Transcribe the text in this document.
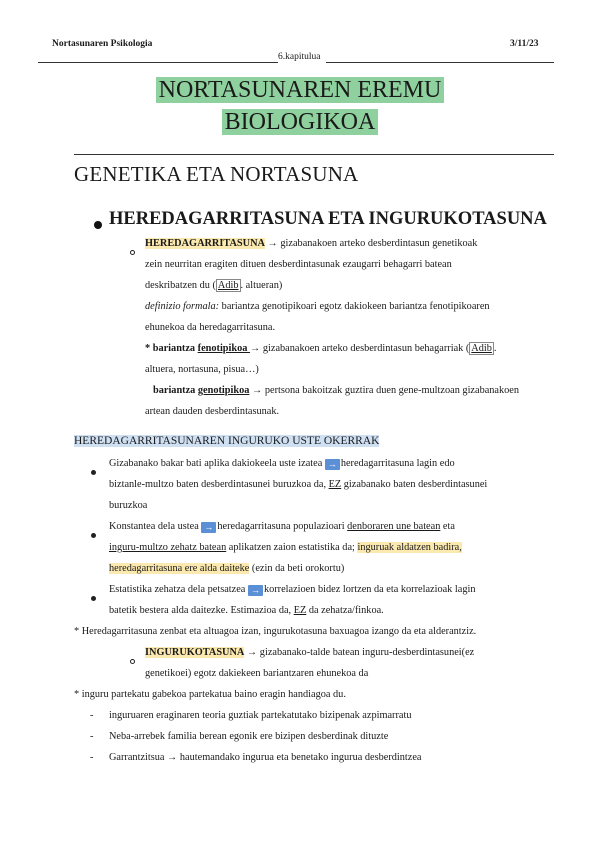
Nortasunaren Psikologia	3/11/23
6.kapitulua
NORTASUNAREN EREMU
BIOLOGIKOA
GENETIKA ETA NORTASUNA
HEREDAGARRITASUNA ETA INGURUKOTASUNA
HEREDAGARRITASUNA → gizabanakoen arteko desberdintasun genetikoak
zein neurritan eragiten dituen desberdintasunak ezaugarri behagarri batean
deskribatzen du ( Adib . altueran)
definizio formala: bariantza genotipikoari egotz dakiokeen bariantza fenotipikoaren
ehunekoa da heredagarritasuna.
* bariantza fenotipikoa → gizabanakoen arteko desberdintasun behagarriak ( Adib .
altuera, nortasuna, pisua…)
bariantza genotipikoa → pertsona bakoitzak guztira duen gene-multzoan gizabanakoen
artean dauden desberdintasunak.
HEREDAGARRITASUNAREN INGURUKO USTE OKERRAK
Gizabanako bakar bati aplika dakiokeela uste izatea → heredagarritasuna lagin edo
biztanle-multzo baten desberdintasunei buruzkoa da, EZ gizabanako baten desberdintasunei
buruzkoa
Konstantea dela ustea → heredagarritasuna populazioari denboraren une batean eta
inguru-multzo zehatz batean aplikatzen zaion estatistika da; inguruak aldatzen badira,
heredagarritasuna ere alda daiteke (ezin da beti orokortu)
Estatistika zehatza dela petsatzea → korrelazioen bidez lortzen da eta korrelazioak lagin
batetik bestera alda daitezke. Estimazioa da, EZ da zehatza/finkoa.
* Heredagarritasuna zenbat eta altuagoa izan, ingurukotasuna baxuagoa izango da eta alderantziz.
INGURUKOTASUNA → gizabanako-talde batean inguru-desberdintasunei(ez
genetikoei) egotz dakiekeen bariantzaren ehunekoa da
* inguru partekatu gabekoa partekatua baino eragin handiagoa du.
- inguruaren eraginaren teoria guztiak partekatutako bizipenak azpimarratu
- Neba-arrebek familia berean egonik ere bizipen desberdinak dituzte
- Garrantzitsua → hautemandako ingurua eta benetako ingurua desberdintzea
